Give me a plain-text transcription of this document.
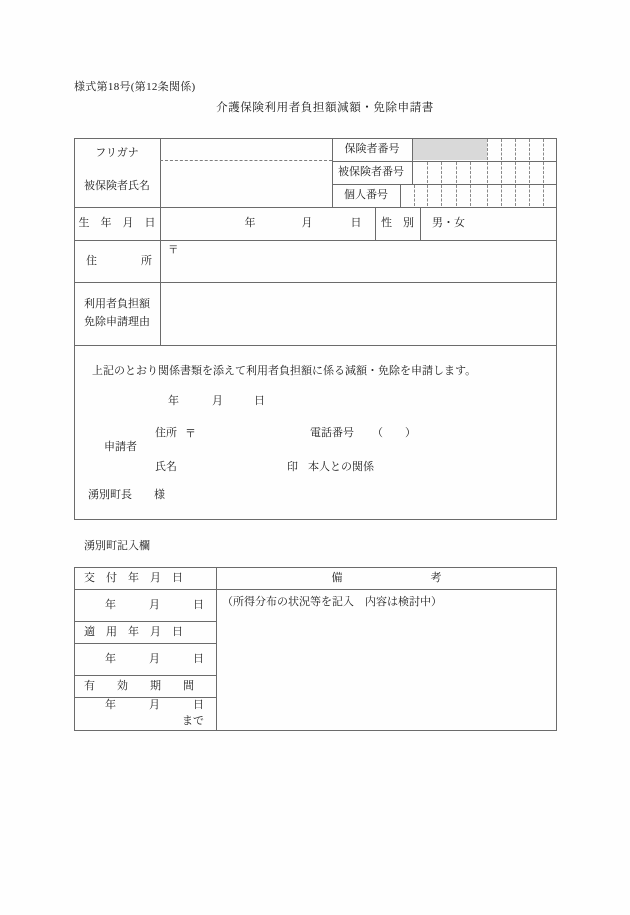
様式第18号(第12条関係)
介護保険利用者負担額減額・免除申請書
保険者番号
被保険者番号
個人番号
フリガナ
被保険者氏名
生　年　月　日	年	月	日	性　別	男・女
住　　　　所
〒
利用者負担額
免除申請理由
上記のとおり関係書類を添えて利用者負担額に係る減額・免除を申請します。
年	月	日
申請者
住所 〒	電話番号 （　　）
氏名	印 本人との関係
湧別町長　　様
湧別町記入欄
交　付　年　月　日	備　　　　　　　　考
年　　　月　　　日	（所得分布の状況等を記入　内容は検討中）
適　用　年　月　日
年　　　月　　　日
有　　効　　期　　間
年　　　月　　　日
まで
